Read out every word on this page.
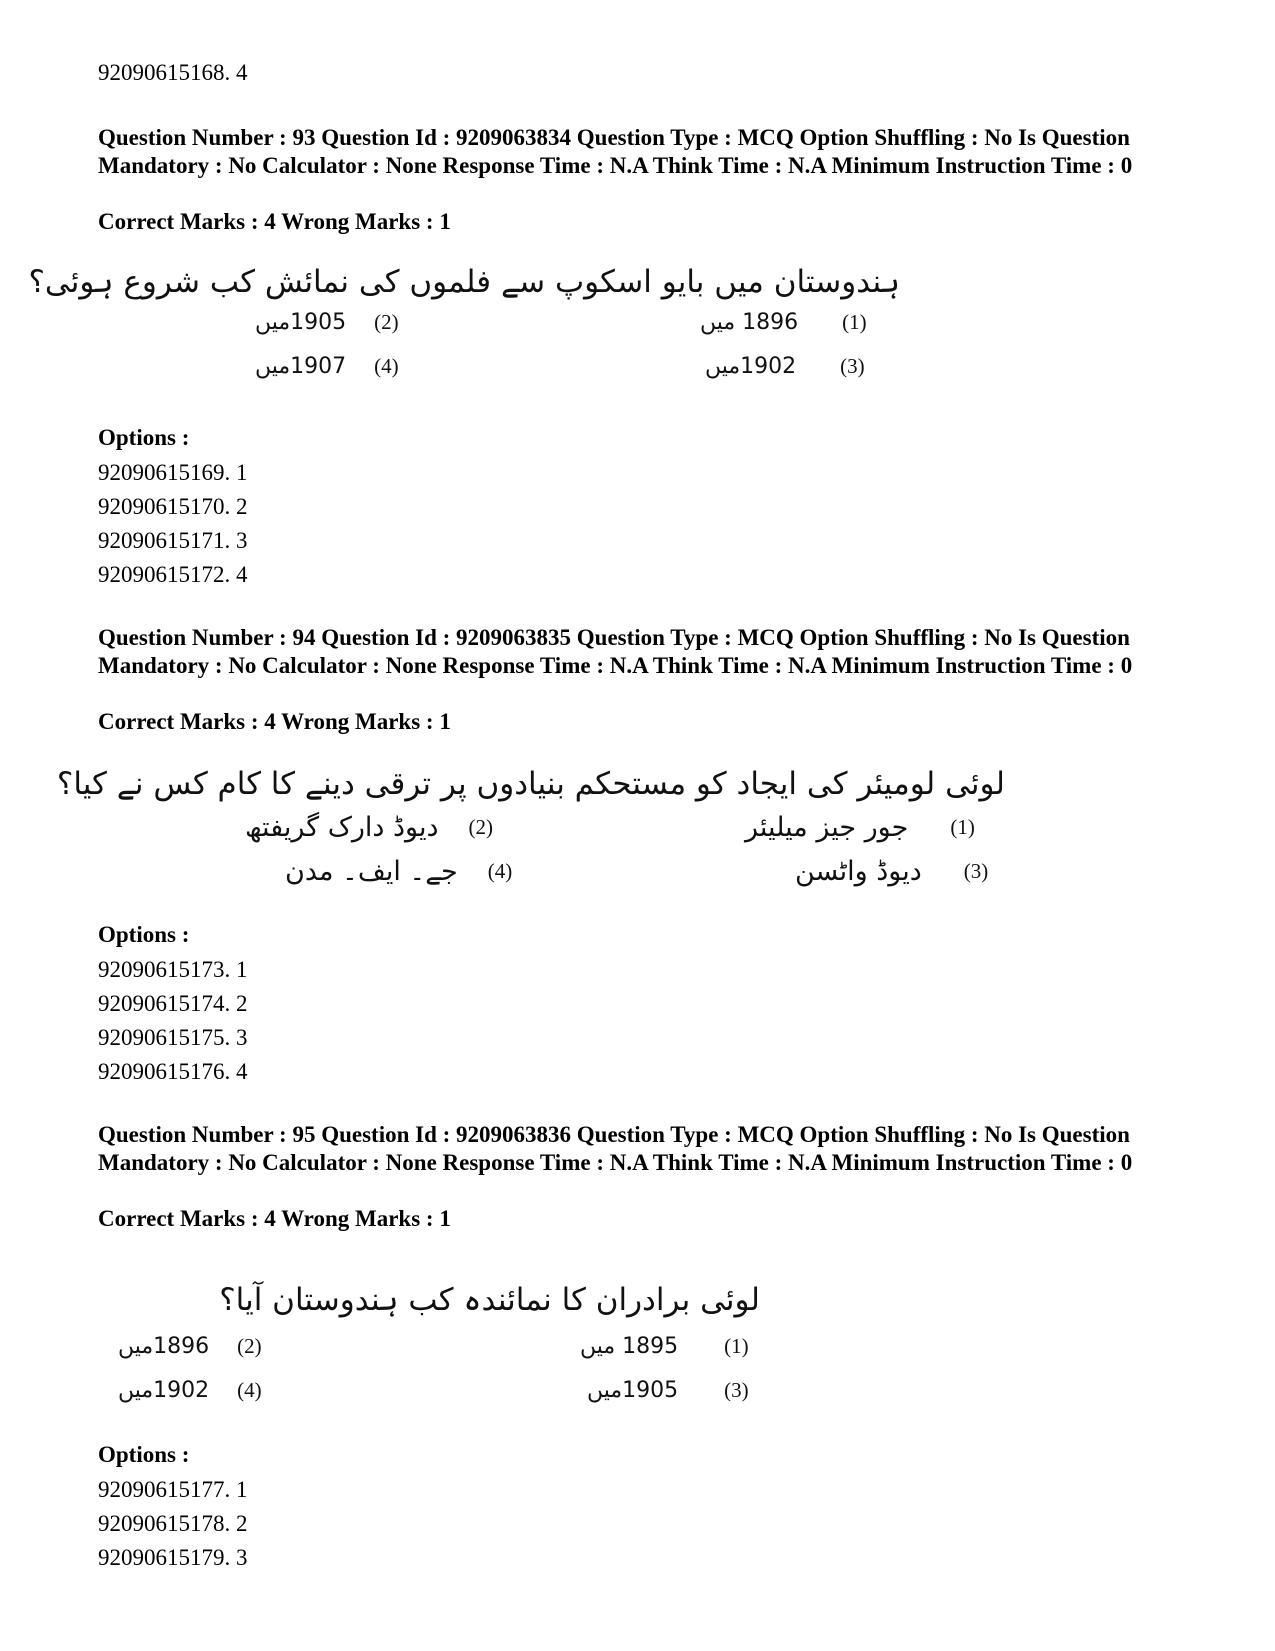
92090615168. 4
Question Number : 93 Question Id : 9209063834 Question Type : MCQ Option Shuffling : No Is Question Mandatory : No Calculator : None Response Time : N.A Think Time : N.A Minimum Instruction Time : 0
Correct Marks : 4 Wrong Marks : 1
ہندوستان میں بایو اسکوپ سے فلموں کی نمائش کب شروع ہوئی؟
1896 میں (1)
1905میں (2)
1902میں (3)
1907میں (4)
Options :
92090615169. 1
92090615170. 2
92090615171. 3
92090615172. 4
Question Number : 94 Question Id : 9209063835 Question Type : MCQ Option Shuffling : No Is Question Mandatory : No Calculator : None Response Time : N.A Think Time : N.A Minimum Instruction Time : 0
Correct Marks : 4 Wrong Marks : 1
لوئی لومیئر کی ایجاد کو مستحکم بنیادوں پر ترقی دینے کا کام کس نے کیا؟
جور جیز میلیئر (1)
دیوڈ دارک گریفتھ (2)
دیوڈ واٹسن (3)
جے۔ ایف۔ مدن (4)
Options :
92090615173. 1
92090615174. 2
92090615175. 3
92090615176. 4
Question Number : 95 Question Id : 9209063836 Question Type : MCQ Option Shuffling : No Is Question Mandatory : No Calculator : None Response Time : N.A Think Time : N.A Minimum Instruction Time : 0
Correct Marks : 4 Wrong Marks : 1
لوئی برادران کا نمائندہ کب ہندوستان آیا؟
1895 میں (1)
1896میں (2)
1905میں (3)
1902میں (4)
Options :
92090615177. 1
92090615178. 2
92090615179. 3
